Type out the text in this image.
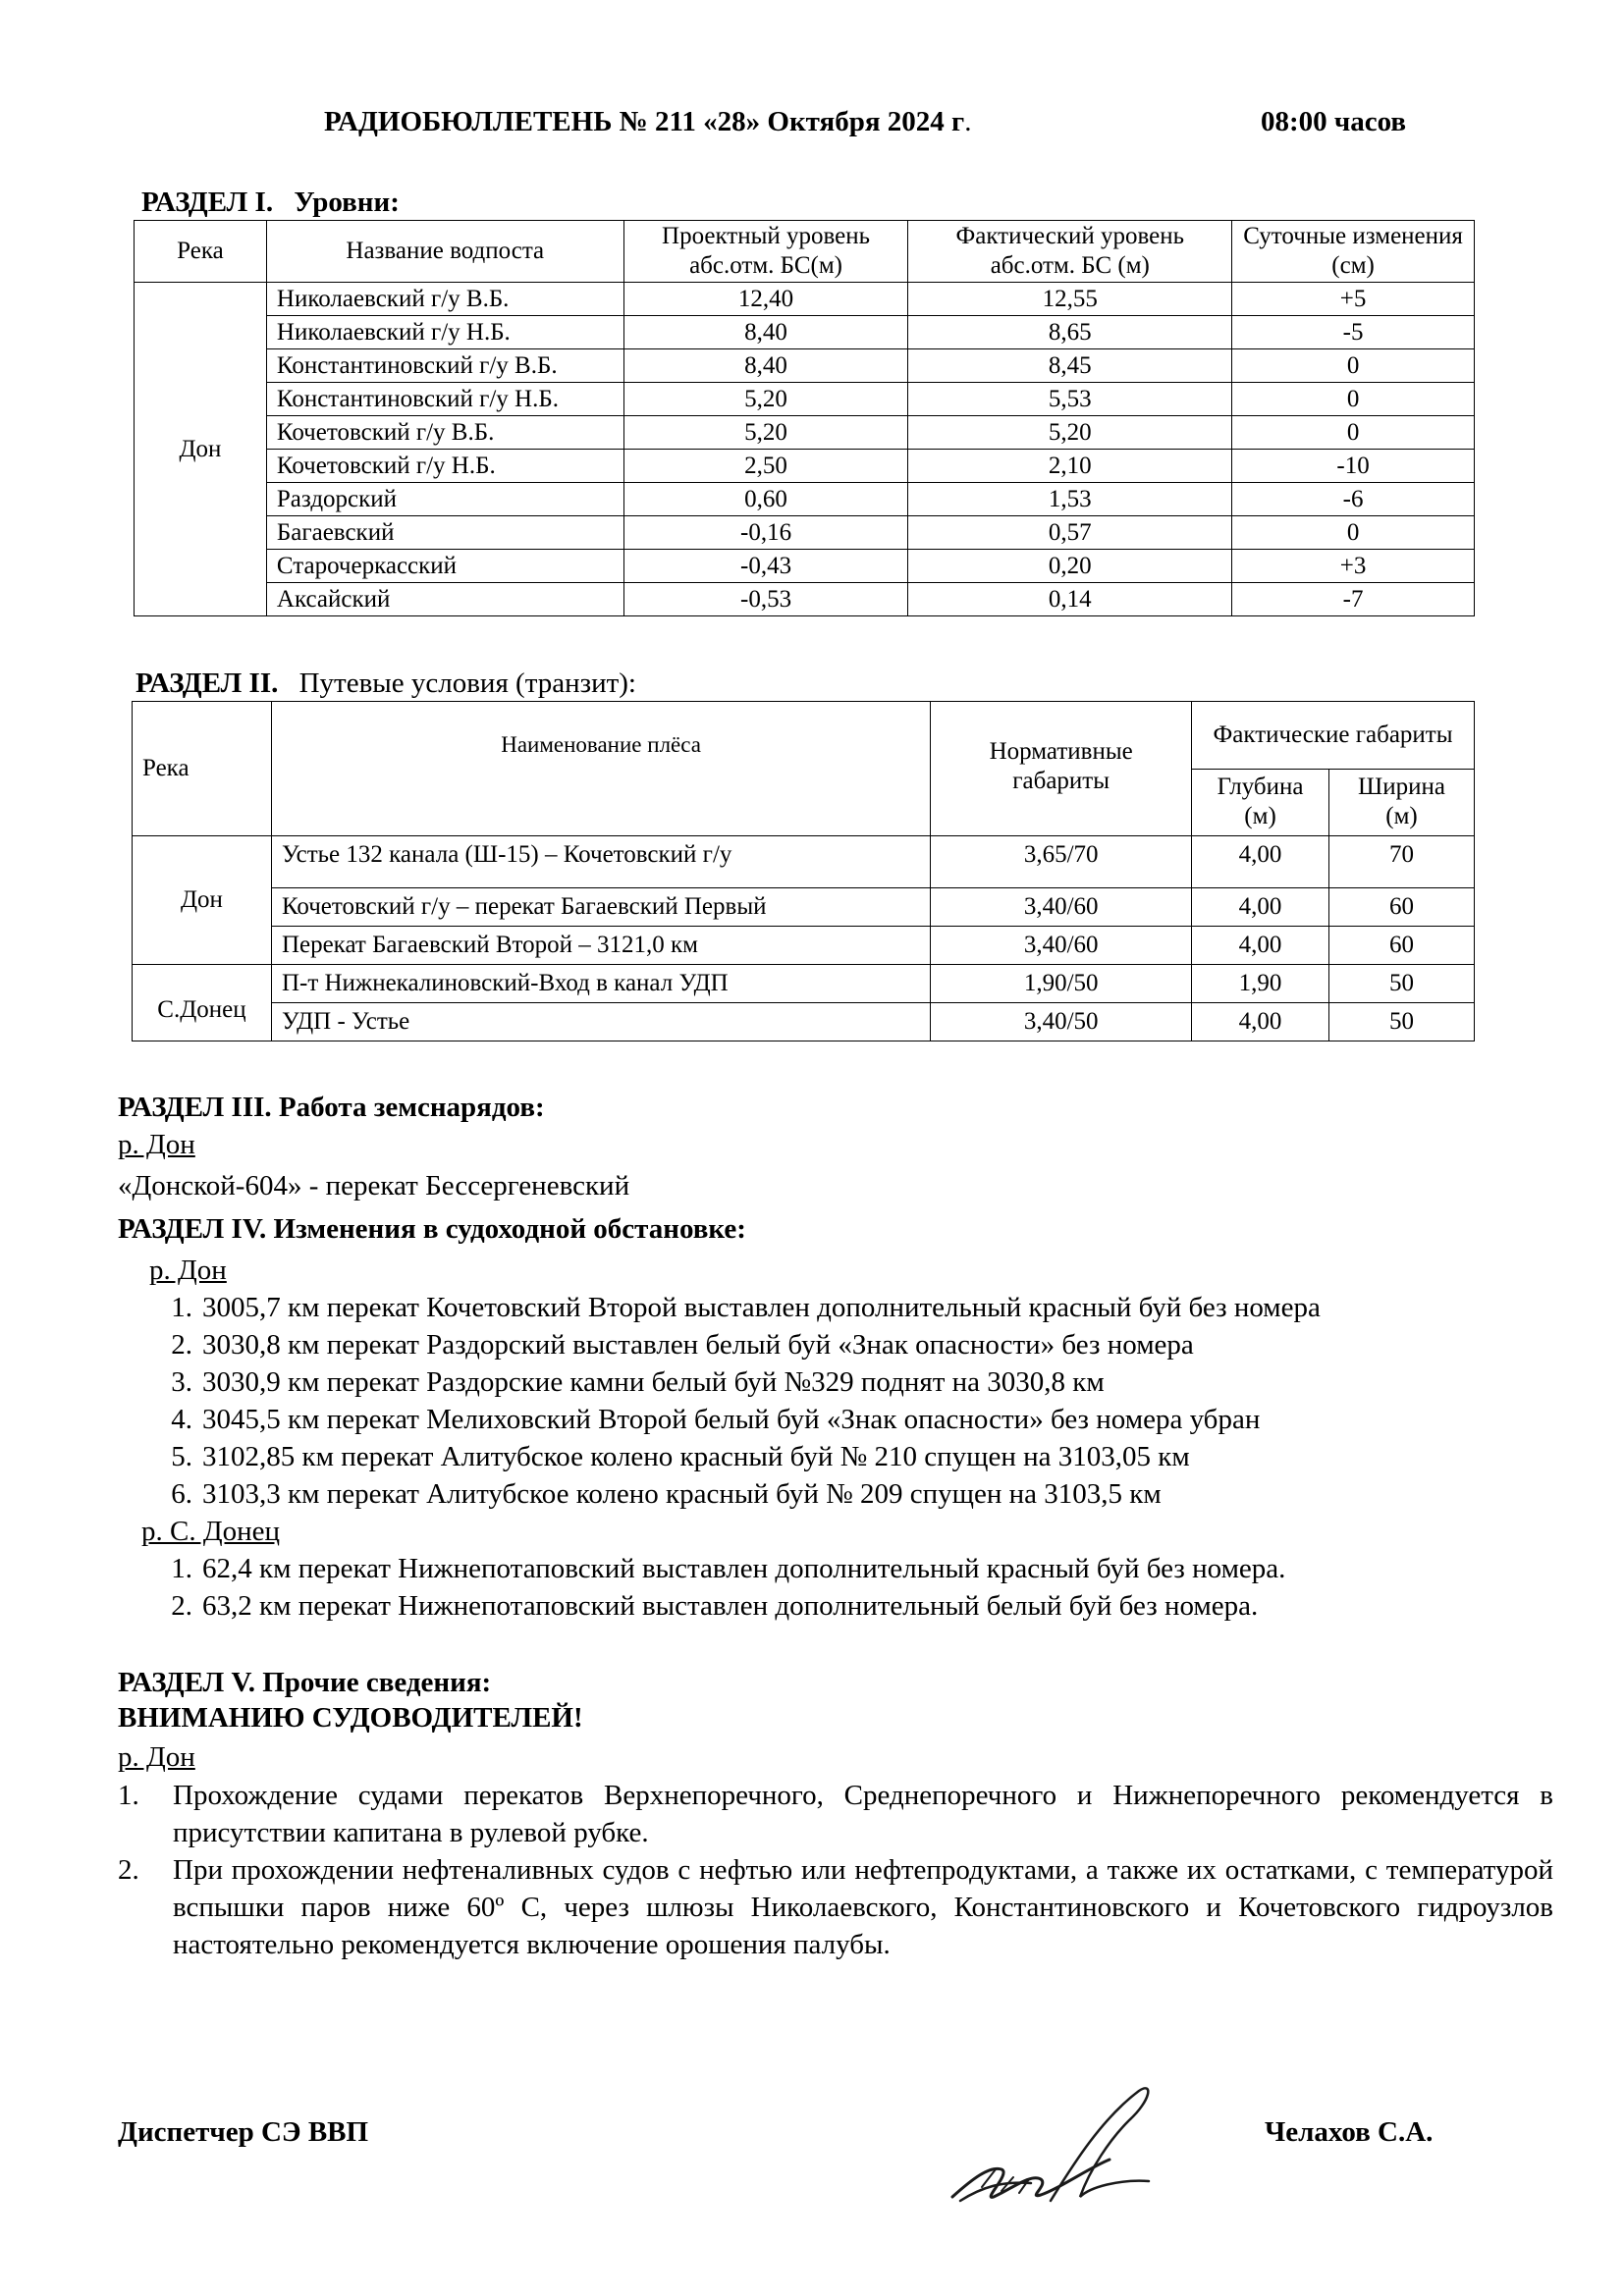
РАДИОБЮЛЛЕТЕНЬ № 211 «28» Октября 2024 г.	08:00 часов
РАЗДЕЛ I. Уровни:
Река	Название водпоста	Проектный уровень абс.отм. БС(м)	Фактический уровень абс.отм. БС (м)	Суточные изменения (см)
Дон	Николаевский г/у В.Б.	12,40	12,55	+5
	Николаевский г/у Н.Б.	8,40	8,65	-5
	Константиновский г/у В.Б.	8,40	8,45	0
	Константиновский г/у Н.Б.	5,20	5,53	0
	Кочетовский г/у В.Б.	5,20	5,20	0
	Кочетовский г/у Н.Б.	2,50	2,10	-10
	Раздорский	0,60	1,53	-6
	Багаевский	-0,16	0,57	0
	Старочеркасский	-0,43	0,20	+3
	Аксайский	-0,53	0,14	-7
РАЗДЕЛ II. Путевые условия (транзит):
Река	Наименование плёса	Нормативные габариты	Фактические габариты	
			Глубина (м)	Ширина (м)
Дон	Устье 132 канала (Ш-15) – Кочетовский г/у	3,65/70	4,00	70
	Кочетовский г/у – перекат Багаевский Первый	3,40/60	4,00	60
	Перекат Багаевский Второй – 3121,0 км	3,40/60	4,00	60
С.Донец	П-т Нижнекалиновский-Вход в канал УДП	1,90/50	1,90	50
	УДП - Устье	3,40/50	4,00	50
РАЗДЕЛ III. Работа земснарядов:
р. Дон
«Донской-604» - перекат Бессергеневский
РАЗДЕЛ IV. Изменения в судоходной обстановке:
р. Дон
1. 3005,7 км перекат Кочетовский Второй выставлен дополнительный красный буй без номера
2. 3030,8 км перекат Раздорский выставлен белый буй «Знак опасности» без номера
3. 3030,9 км перекат Раздорские камни белый буй №329 поднят на 3030,8 км
4. 3045,5 км перекат Мелиховский Второй белый буй «Знак опасности» без номера убран
5. 3102,85 км перекат Алитубское колено красный буй № 210 спущен на 3103,05 км
6. 3103,3 км перекат Алитубское колено красный буй № 209 спущен на 3103,5 км
р. С. Донец
1. 62,4 км перекат Нижнепотаповский выставлен дополнительный красный буй без номера.
2. 63,2 км перекат Нижнепотаповский выставлен дополнительный белый буй без номера.
РАЗДЕЛ V. Прочие сведения:
ВНИМАНИЮ СУДОВОДИТЕЛЕЙ!
р. Дон
1. Прохождение судами перекатов Верхнепоречного, Среднепоречного и Нижнепоречного рекомендуется в присутствии капитана в рулевой рубке.
2. При прохождении нефтеналивных судов с нефтью или нефтепродуктами, а также их остатками, с температурой вспышки паров ниже 60º С, через шлюзы Николаевского, Константиновского и Кочетовского гидроузлов настоятельно рекомендуется включение орошения палубы.
Диспетчер СЭ ВВП	Челахов С.А.
